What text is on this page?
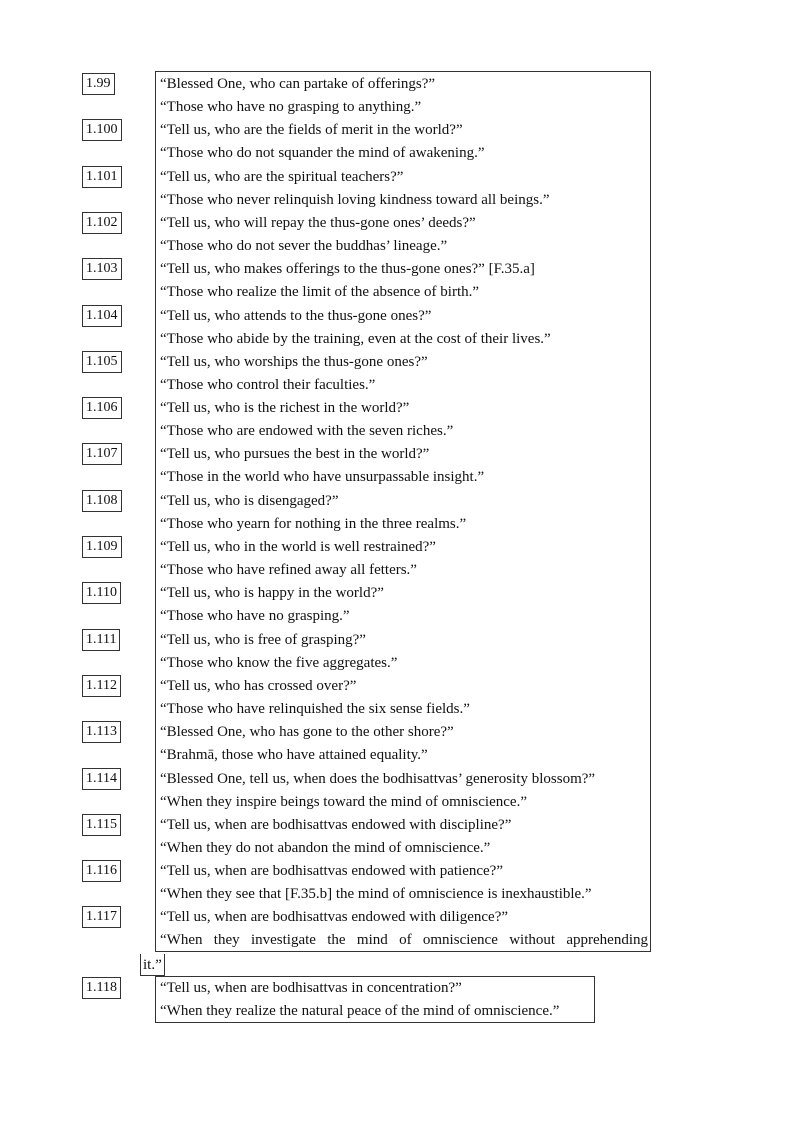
1.99	“Blessed One, who can partake of offerings?”

“Those who have no grasping to anything.”

1.100	“Tell us, who are the fields of merit in the world?”

“Those who do not squander the mind of awakening.”

1.101	“Tell us, who are the spiritual teachers?”

“Those who never relinquish loving kindness toward all beings.”

1.102	“Tell us, who will repay the thus-gone ones’ deeds?”

“Those who do not sever the buddhas’ lineage.”

1.103	“Tell us, who makes offerings to the thus-gone ones?” [F.35.a]

“Those who realize the limit of the absence of birth.”

1.104	“Tell us, who attends to the thus-gone ones?”

“Those who abide by the training, even at the cost of their lives.”

1.105	“Tell us, who worships the thus-gone ones?”

“Those who control their faculties.”

1.106	“Tell us, who is the richest in the world?”

“Those who are endowed with the seven riches.”

1.107	“Tell us, who pursues the best in the world?”

“Those in the world who have unsurpassable insight.”

1.108	“Tell us, who is disengaged?”

“Those who yearn for nothing in the three realms.”

1.109	“Tell us, who in the world is well restrained?”

“Those who have refined away all fetters.”

1.110	“Tell us, who is happy in the world?”

“Those who have no grasping.”

1.111	“Tell us, who is free of grasping?”

“Those who know the five aggregates.”

1.112	“Tell us, who has crossed over?”

“Those who have relinquished the six sense fields.”

1.113	“Blessed One, who has gone to the other shore?”

“Brahmā, those who have attained equality.”

1.114	“Blessed One, tell us, when does the bodhisattvas’ generosity blossom?”

“When they inspire beings toward the mind of omniscience.”

1.115	“Tell us, when are bodhisattvas endowed with discipline?”

“When they do not abandon the mind of omniscience.”

1.116	“Tell us, when are bodhisattvas endowed with patience?”

“When they see that [F.35.b] the mind of omniscience is inexhaustible.”

1.117	“Tell us, when are bodhisattvas endowed with diligence?”

“When they investigate the mind of omniscience without apprehending

it.”

1.118	“Tell us, when are bodhisattvas in concentration?”

“When they realize the natural peace of the mind of omniscience.”
